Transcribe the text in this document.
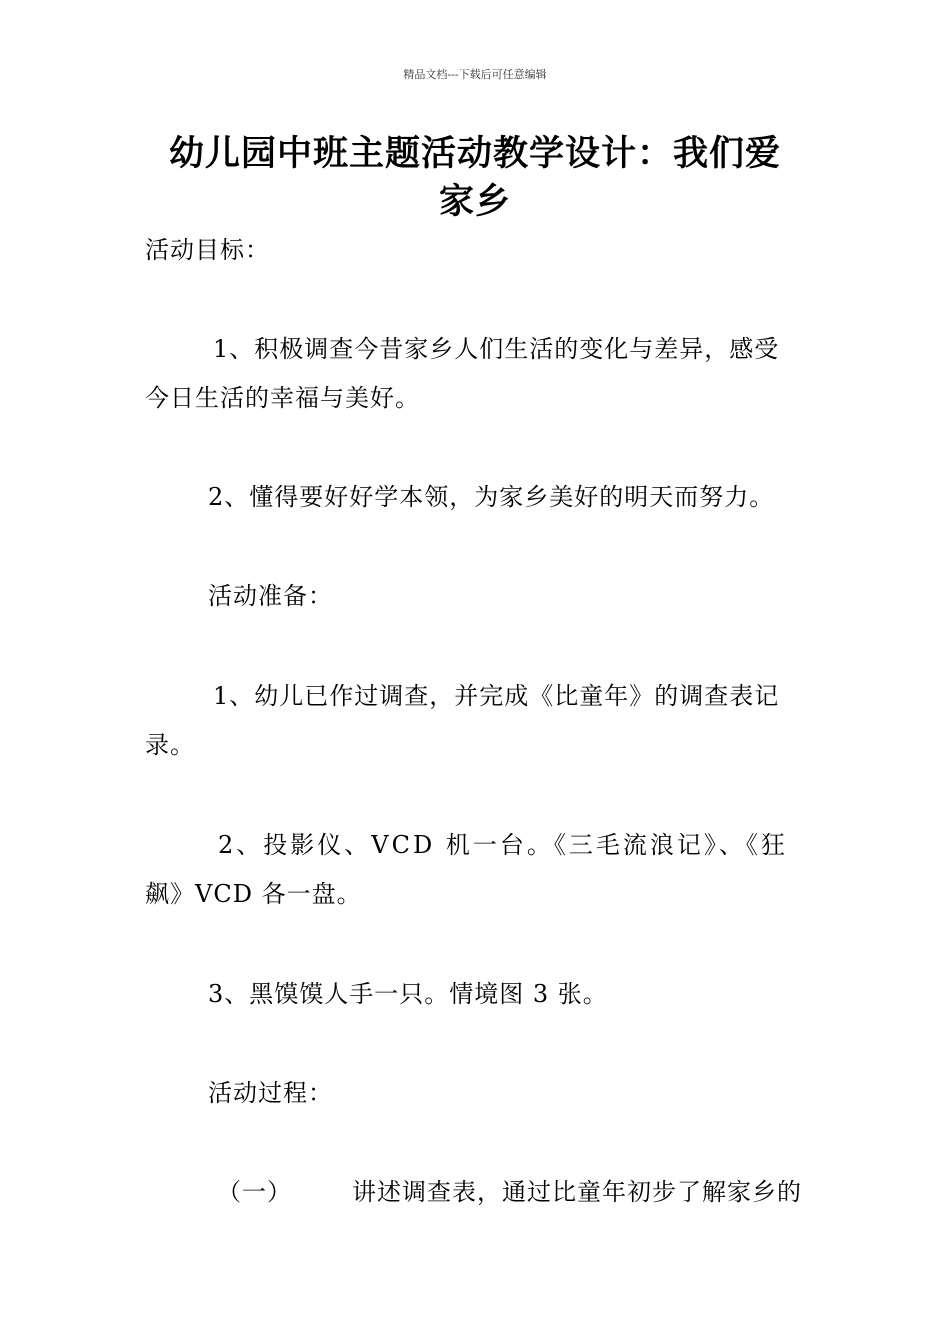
精品文档---下载后可任意编辑
幼儿园中班主题活动教学设计：我们爱
家乡
活动目标：
1、积极调查今昔家乡人们生活的变化与差异，感受
今日生活的幸福与美好。
2、懂得要好好学本领，为家乡美好的明天而努力。
活动准备：
1、幼儿已作过调查，并完成《比童年》的调查表记
录。
2、投影仪、VCD 机一台。《三毛流浪记》、《狂
飙》VCD 各一盘。
3、黑馍馍人手一只。情境图 3 张。
活动过程：
（一）	讲述调查表，通过比童年初步了解家乡的
